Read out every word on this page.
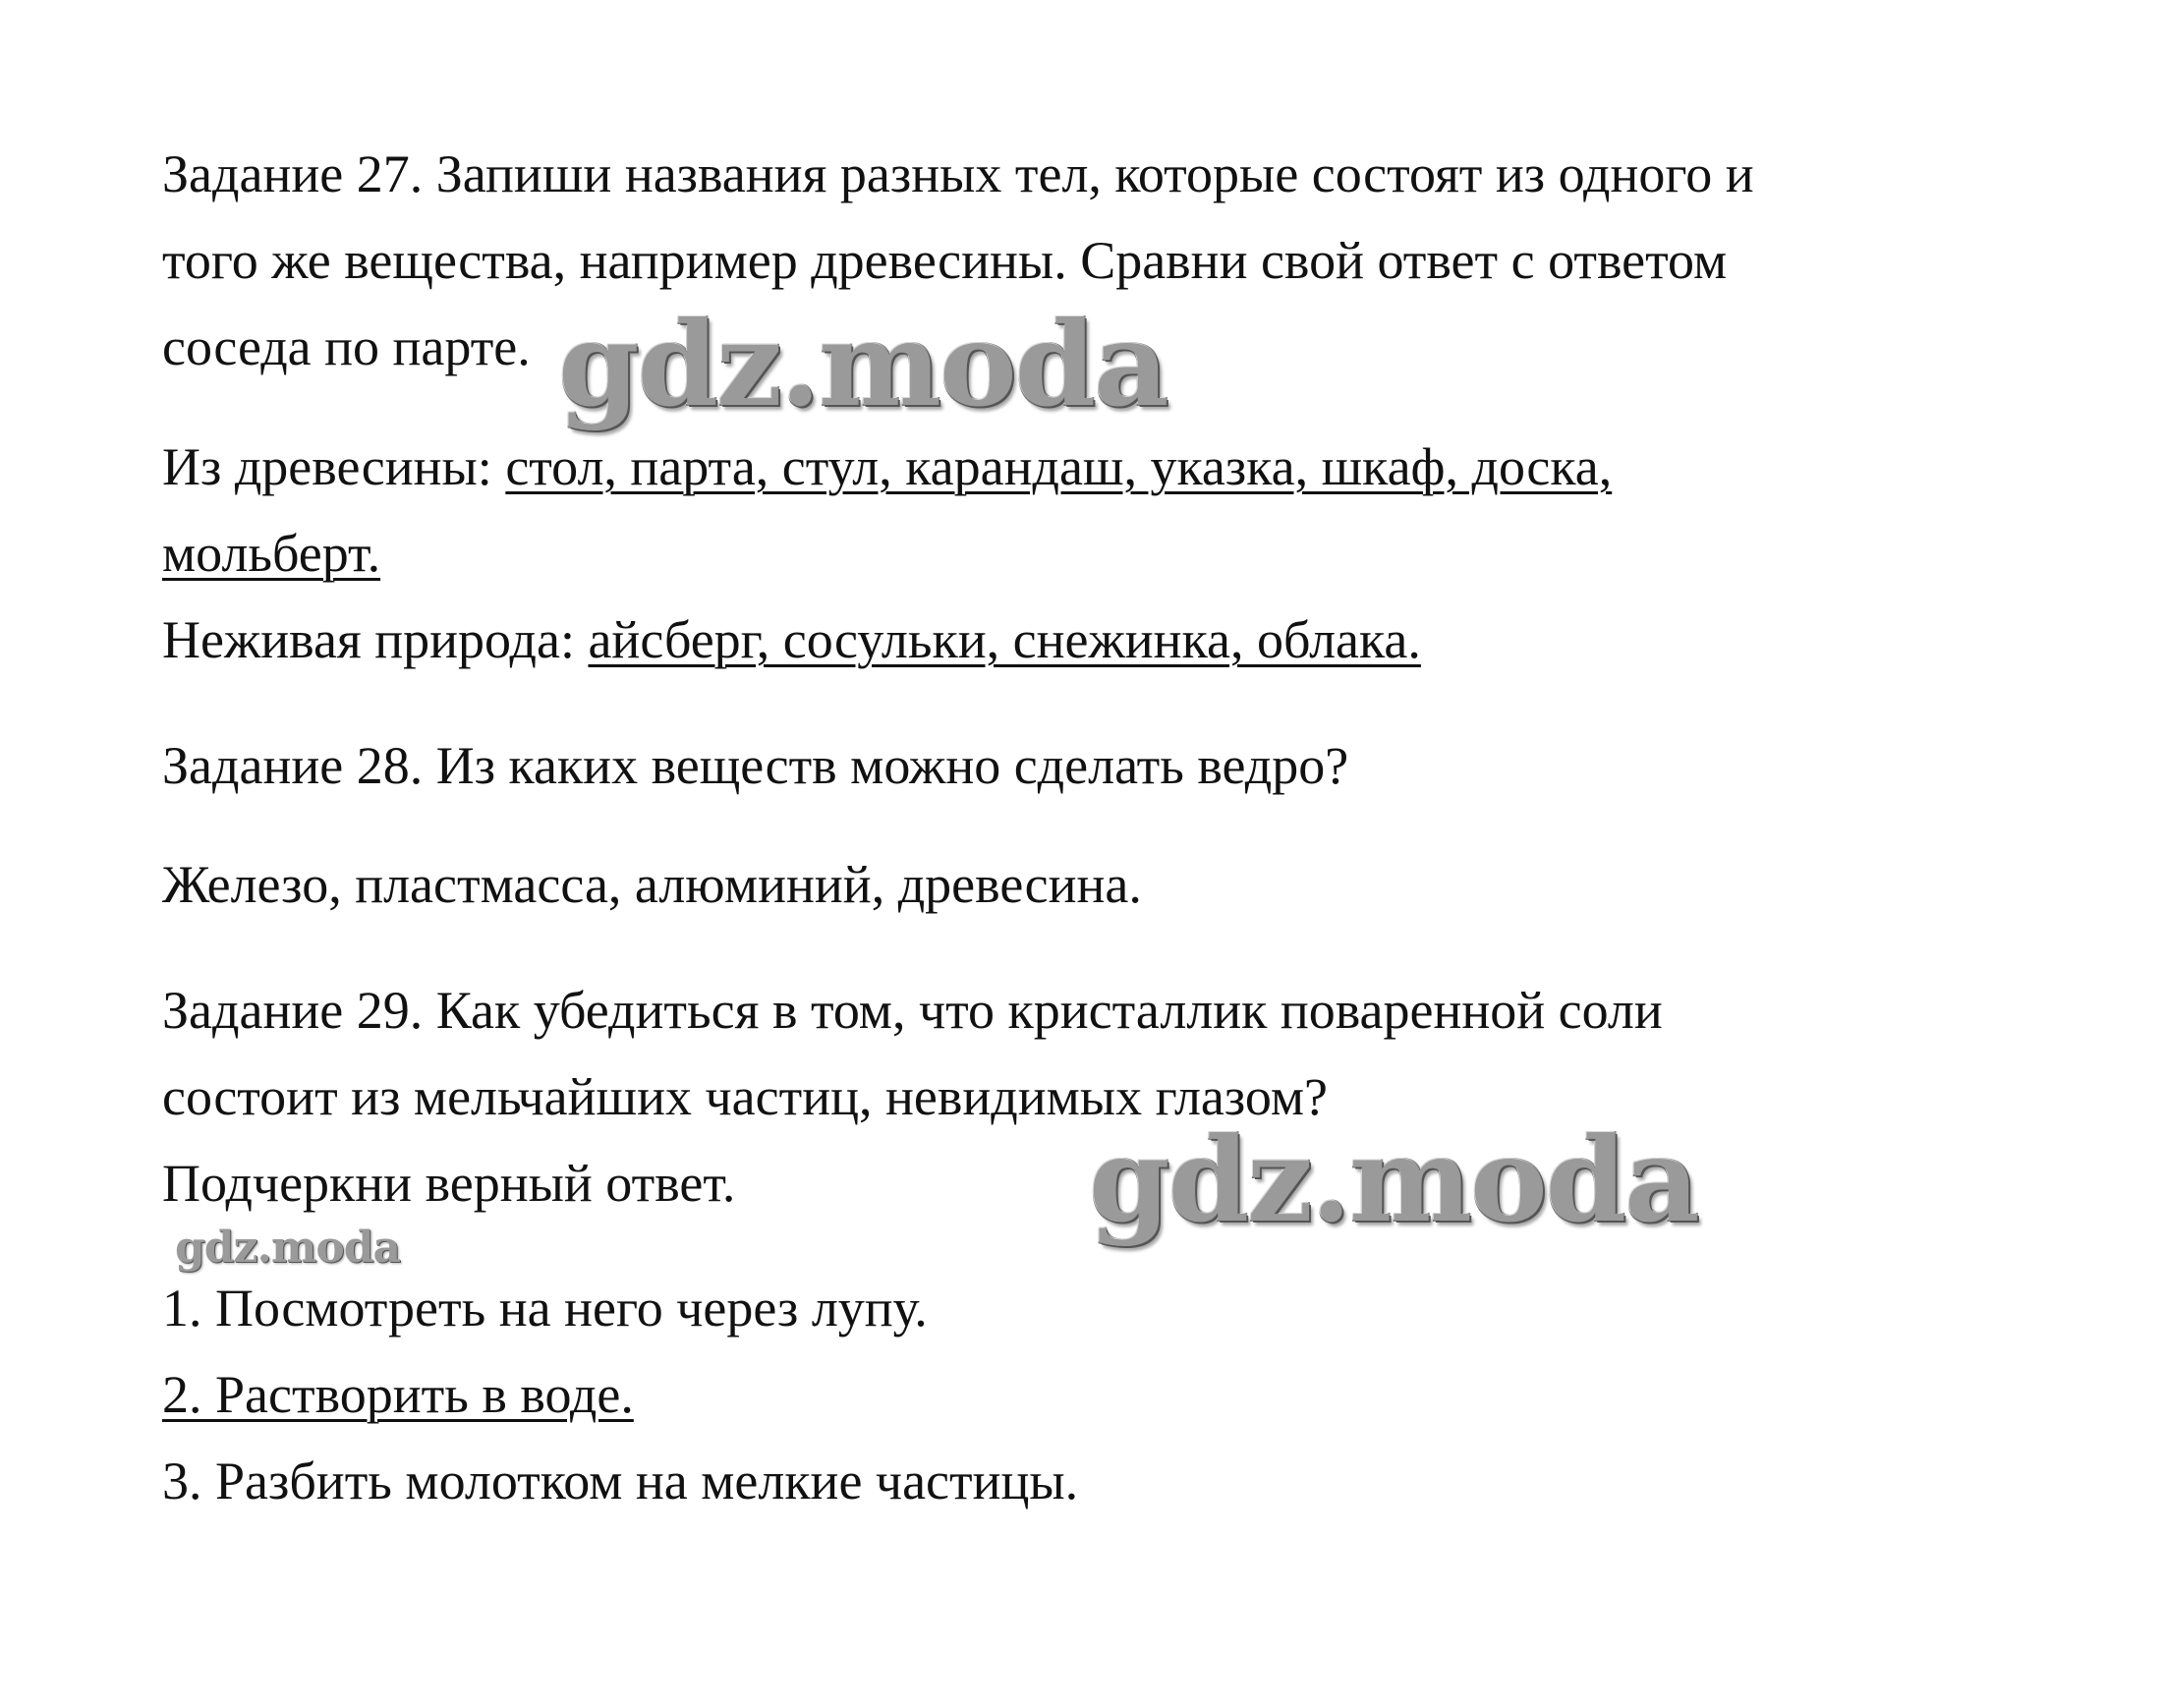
Задание 27. Запиши названия разных тел, которые состоят из одного и

того же вещества, например древесины. Сравни свой ответ с ответом

соседа по парте.

Из древесины: стол, парта, стул, карандаш, указка, шкаф, доска,

мольберт.

Неживая природа: айсберг, сосульки, снежинка, облака.

Задание 28. Из каких веществ можно сделать ведро?

Железо, пластмасса, алюминий, древесина.

Задание 29. Как убедиться в том, что кристаллик поваренной соли

состоит из мельчайших частиц, невидимых глазом?

Подчеркни верный ответ.

1. Посмотреть на него через лупу.

2. Растворить в воде.

3. Разбить молотком на мелкие частицы.

gdz.moda
gdz.moda
gdz.moda
